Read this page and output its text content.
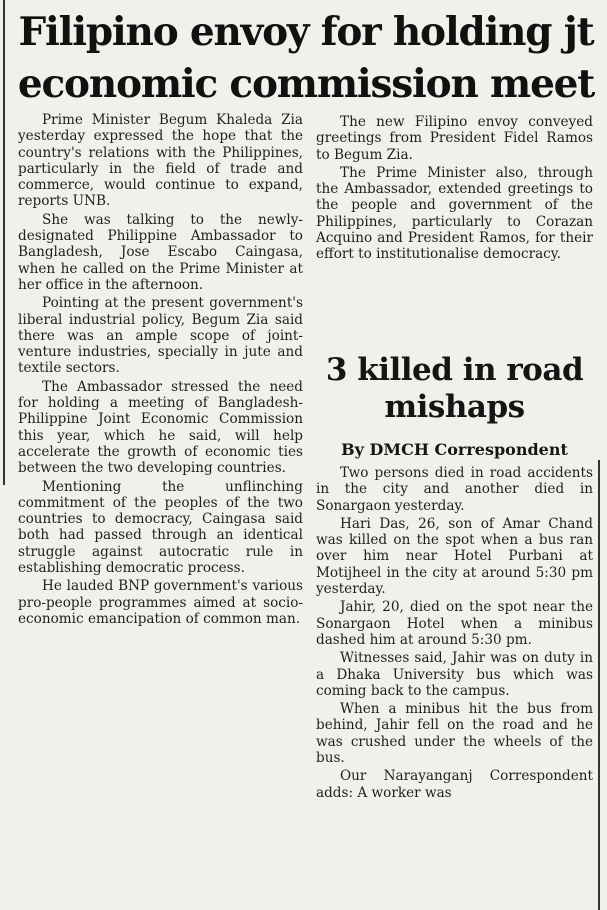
Filipino envoy for holding jt
economic commission meet

Prime Minister Begum Khaleda Zia yesterday expressed the hope that the country's relations with the Philippines, particularly in the field of trade and commerce, would continue to expand, reports UNB.

She was talking to the newly-designated Philippine Ambassador to Bangladesh, Jose Escabo Caingasa, when he called on the Prime Minister at her office in the afternoon.

Pointing at the present government's liberal industrial policy, Begum Zia said there was an ample scope of joint-venture industries, specially in jute and textile sectors.

The Ambassador stressed the need for holding a meeting of Bangladesh-Philippine Joint Economic Commission this year, which he said, will help accelerate the growth of economic ties between the two developing countries.

Mentioning the unflinching commitment of the peoples of the two countries to democracy, Caingasa said both had passed through an identical struggle against autocratic rule in establishing democratic process.

He lauded BNP government's various pro-people programmes aimed at socio-economic emancipation of common man.

The new Filipino envoy conveyed greetings from President Fidel Ramos to Begum Zia.

The Prime Minister also, through the Ambassador, extended greetings to the people and government of the Philippines, particularly to Corazan Acquino and President Ramos, for their effort to institutionalise democracy.

3 killed in road mishaps
By DMCH Correspondent

Two persons died in road accidents in the city and another died in Sonargaon yesterday.

Hari Das, 26, son of Amar Chand was killed on the spot when a bus ran over him near Hotel Purbani at Motijheel in the city at around 5:30 pm yesterday.

Jahir, 20, died on the spot near the Sonargaon Hotel when a minibus dashed him at around 5:30 pm.

Witnesses said, Jahir was on duty in a Dhaka University bus which was coming back to the campus.

When a minibus hit the bus from behind, Jahir fell on the road and he was crushed under the wheels of the bus.

Our Narayanganj Correspondent adds: A worker was
